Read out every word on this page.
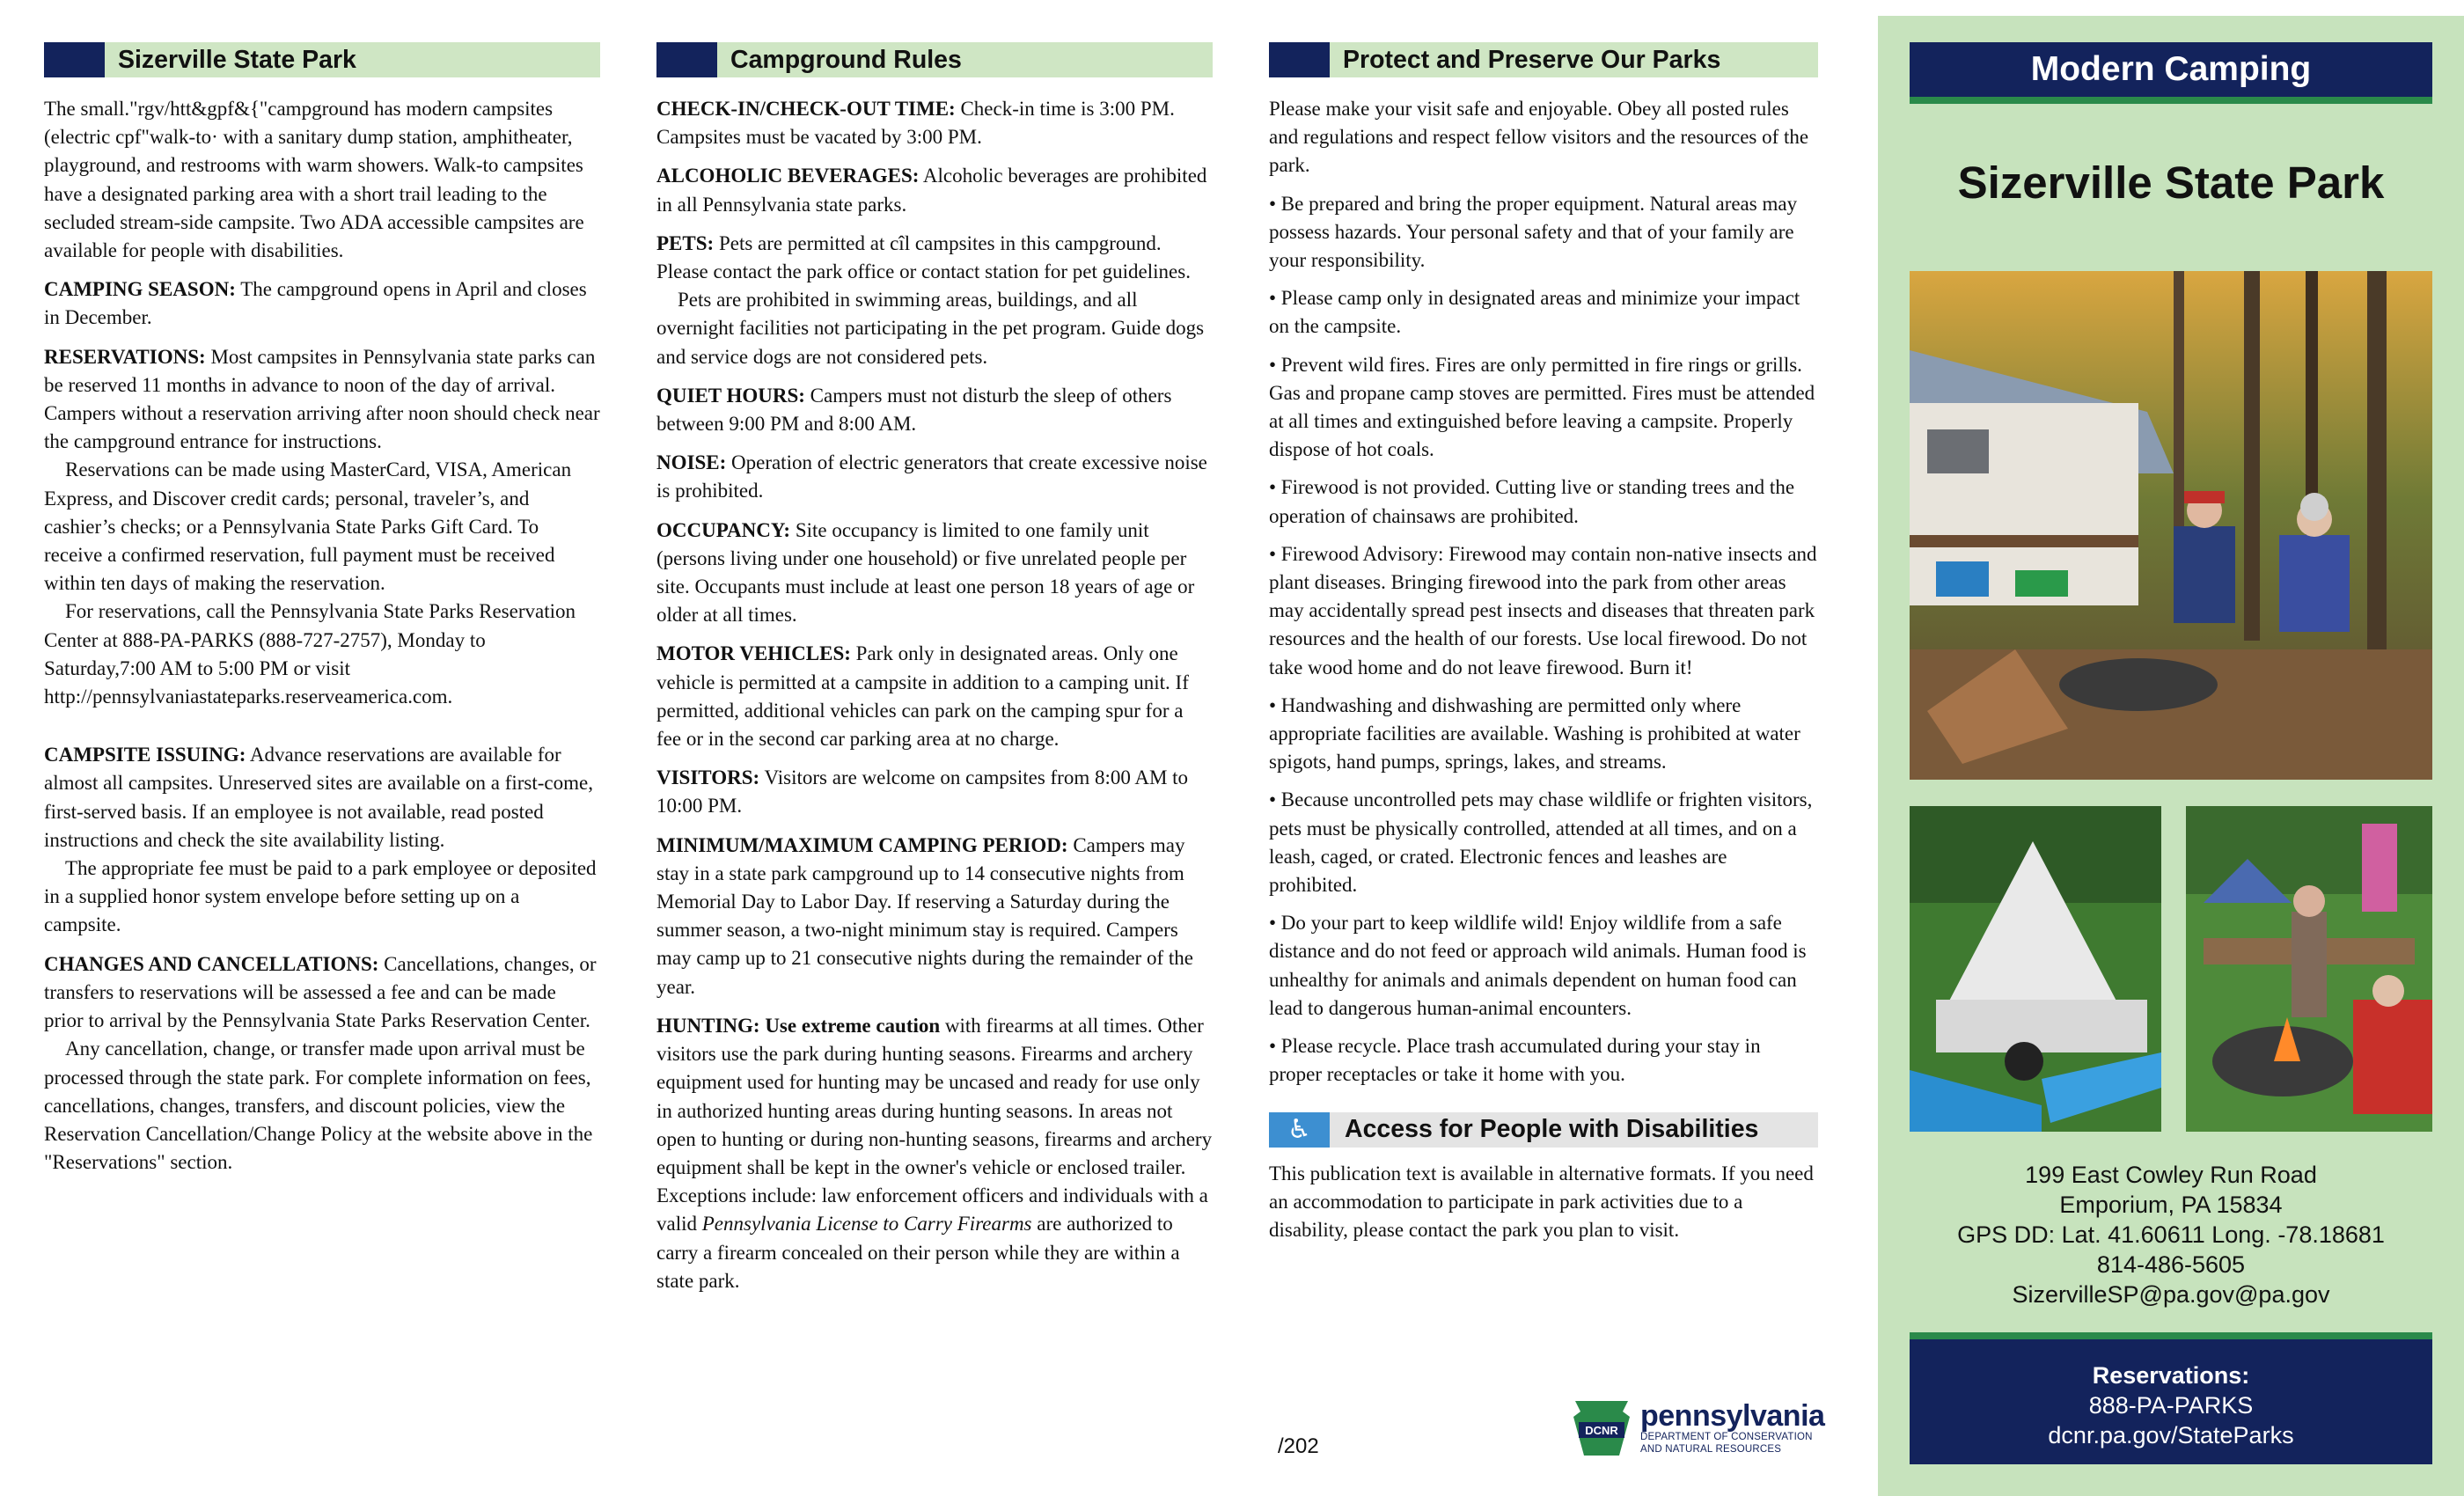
Sizerville State Park

The small."rgv/htt&gpf&{"campground has modern campsites (electric cpf"walk-to· with a sanitary dump station, amphitheater, playground, and restrooms with warm showers. Walk-to campsites have a designated parking area with a short trail leading to the secluded stream-side campsite. Two ADA accessible campsites are available for people with disabilities.

CAMPING SEASON: The campground opens in April and closes in December.

RESERVATIONS: Most campsites in Pennsylvania state parks can be reserved 11 months in advance to noon of the day of arrival. Campers without a reservation arriving after noon should check near the campground entrance for instructions.
Reservations can be made using MasterCard, VISA, American Express, and Discover credit cards; personal, traveler’s, and cashier’s checks; or a Pennsylvania State Parks Gift Card. To receive a confirmed reservation, full payment must be received within ten days of making the reservation.
For reservations, call the Pennsylvania State Parks Reservation Center at 888-PA-PARKS (888-727-2757), Monday to Saturday,7:00 AM to 5:00 PM or visit http://pennsylvaniastateparks.reserveamerica.com.

CAMPSITE ISSUING: Advance reservations are available for almost all campsites. Unreserved sites are available on a first-come, first-served basis. If an employee is not available, read posted instructions and check the site availability listing.
The appropriate fee must be paid to a park employee or deposited in a supplied honor system envelope before setting up on a campsite.

CHANGES AND CANCELLATIONS: Cancellations, changes, or transfers to reservations will be assessed a fee and can be made prior to arrival by the Pennsylvania State Parks Reservation Center.
Any cancellation, change, or transfer made upon arrival must be processed through the state park. For complete information on fees, cancellations, changes, transfers, and discount policies, view the Reservation Cancellation/Change Policy at the website above in the "Reservations" section.

Campground Rules

CHECK-IN/CHECK-OUT TIME: Check-in time is 3:00 PM. Campsites must be vacated by 3:00 PM.

ALCOHOLIC BEVERAGES: Alcoholic beverages are prohibited in all Pennsylvania state parks.

PETS: Pets are permitted at cîl campsites in this campground. Please contact the park office or contact station for pet guidelines.
Pets are prohibited in swimming areas, buildings, and all overnight facilities not participating in the pet program. Guide dogs and service dogs are not considered pets.

QUIET HOURS: Campers must not disturb the sleep of others between 9:00 PM and 8:00 AM.

NOISE: Operation of electric generators that create excessive noise is prohibited.

OCCUPANCY: Site occupancy is limited to one family unit (persons living under one household) or five unrelated people per site. Occupants must include at least one person 18 years of age or older at all times.

MOTOR VEHICLES: Park only in designated areas. Only one vehicle is permitted at a campsite in addition to a camping unit. If permitted, additional vehicles can park on the camping spur for a fee or in the second car parking area at no charge.

VISITORS: Visitors are welcome on campsites from 8:00 AM to 10:00 PM.

MINIMUM/MAXIMUM CAMPING PERIOD: Campers may stay in a state park campground up to 14 consecutive nights from Memorial Day to Labor Day. If reserving a Saturday during the summer season, a two-night minimum stay is required. Campers may camp up to 21 consecutive nights during the remainder of the year.

HUNTING: Use extreme caution with firearms at all times. Other visitors use the park during hunting seasons. Firearms and archery equipment used for hunting may be uncased and ready for use only in authorized hunting areas during hunting seasons. In areas not open to hunting or during non-hunting seasons, firearms and archery equipment shall be kept in the owner's vehicle or enclosed trailer. Exceptions include: law enforcement officers and individuals with a valid Pennsylvania License to Carry Firearms are authorized to carry a firearm concealed on their person while they are within a state park.

Protect and Preserve Our Parks

Please make your visit safe and enjoyable. Obey all posted rules and regulations and respect fellow visitors and the resources of the park.

• Be prepared and bring the proper equipment. Natural areas may possess hazards. Your personal safety and that of your family are your responsibility.

• Please camp only in designated areas and minimize your impact on the campsite.

• Prevent wild fires. Fires are only permitted in fire rings or grills. Gas and propane camp stoves are permitted. Fires must be attended at all times and extinguished before leaving a campsite. Properly dispose of hot coals.

• Firewood is not provided. Cutting live or standing trees and the operation of chainsaws are prohibited.

• Firewood Advisory: Firewood may contain non-native insects and plant diseases. Bringing firewood into the park from other areas may accidentally spread pest insects and diseases that threaten park resources and the health of our forests. Use local firewood. Do not take wood home and do not leave firewood. Burn it!

• Handwashing and dishwashing are permitted only where appropriate facilities are available. Washing is prohibited at water spigots, hand pumps, springs, lakes, and streams.

• Because uncontrolled pets may chase wildlife or frighten visitors, pets must be physically controlled, attended at all times, and on a leash, caged, or crated. Electronic fences and leashes are prohibited.

• Do your part to keep wildlife wild! Enjoy wildlife from a safe distance and do not feed or approach wild animals. Human food is unhealthy for animals and animals dependent on human food can lead to dangerous human-animal encounters.

• Please recycle. Place trash accumulated during your stay in proper receptacles or take it home with you.

♿	Access for People with Disabilities

This publication text is available in alternative formats. If you need an accommodation to participate in park activities due to a disability, please contact the park you plan to visit.

/202
DCNR pennsylvania
DEPARTMENT OF CONSERVATION
AND NATURAL RESOURCES
Modern Camping
Sizerville State Park
199 East Cowley Run Road
Emporium, PA 15834
GPS DD: Lat. 41.60611 Long. -78.18681
814-486-5605
SizervilleSP@pa.gov@pa.gov
Reservations:
888-PA-PARKS
dcnr.pa.gov/StateParks
